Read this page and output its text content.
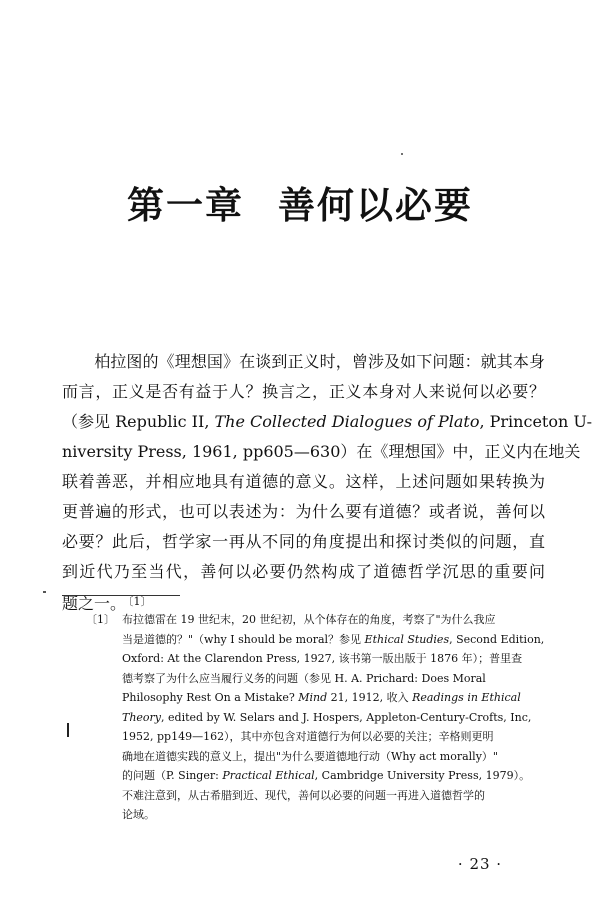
第一章 善何以必要
　　柏拉图的《理想国》在谈到正义时，曾涉及如下问题：就其本身
而言，正义是否有益于人？换言之，正义本身对人来说何以必要？
（参见 Republic II, The Collected Dialogues of Plato, Princeton U-
niversity Press, 1961, pp605—630）在《理想国》中，正义内在地关
联着善恶，并相应地具有道德的意义。这样，上述问题如果转换为
更普遍的形式，也可以表述为：为什么要有道德？或者说，善何以
必要？此后，哲学家一再从不同的角度提出和探讨类似的问题，直
到近代乃至当代，善何以必要仍然构成了道德哲学沉思的重要问
题之一。 $^{〔1〕}$
〔1〕 布拉德雷在 19 世纪末，20 世纪初，从个体存在的角度，考察了"为什么我应
当是道德的？"（why I should be moral？参见 Ethical Studies, Second Edition,
Oxford: At the Clarendon Press, 1927, 该书第一版出版于 1876 年）；普里查
德考察了为什么应当履行义务的问题（参见 H. A. Prichard: Does Moral
Philosophy Rest On a Mistake? Mind 21, 1912, 收入 Readings in Ethical
Theory, edited by W. Selars and J. Hospers, Appleton-Century-Crofts, Inc,
1952, pp149—162），其中亦包含对道德行为何以必要的关注；辛格则更明
确地在道德实践的意义上，提出"为什么要道德地行动（Why act morally）"
的问题（P. Singer: Practical Ethical, Cambridge University Press, 1979）。
不难注意到，从古希腊到近、现代，善何以必要的问题一再进入道德哲学的
论域。
· 23 ·
